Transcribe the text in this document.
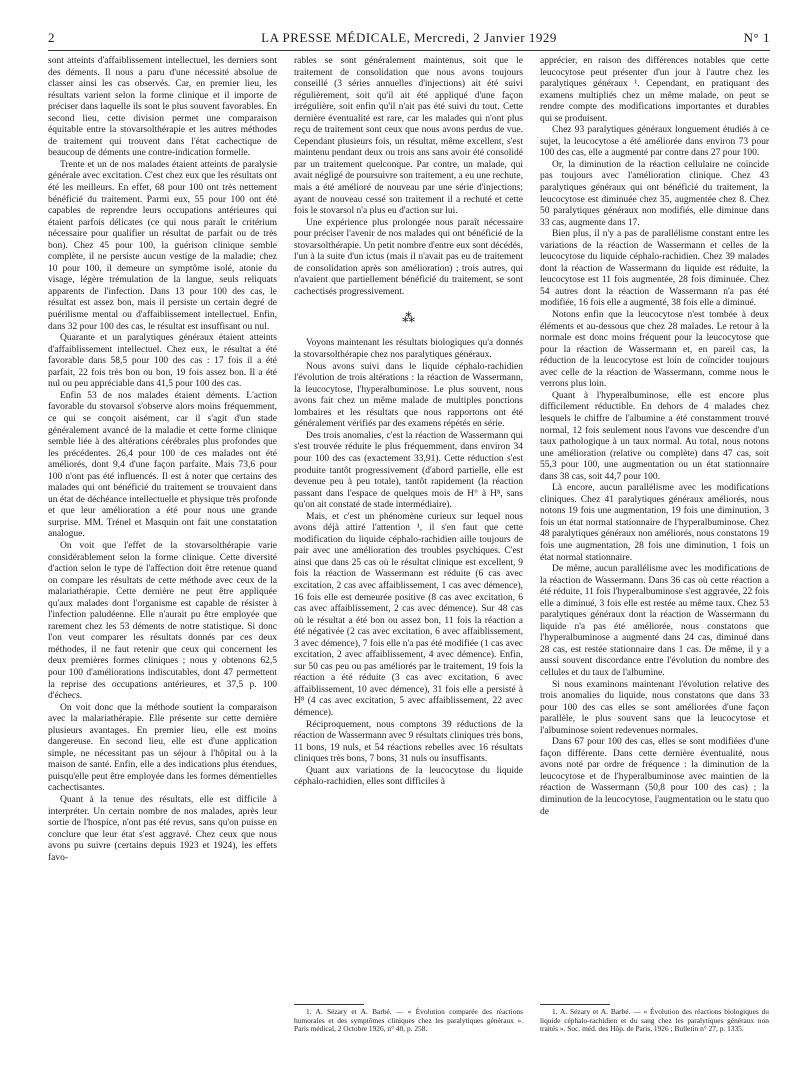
2	LA PRESSE MÉDICALE, Mercredi, 2 Janvier 1929	N° 1

sont atteints d'affaiblissement intellectuel, les derniers sont des déments. Il nous a paru d'une nécessité absolue de classer ainsi les cas observés. Car, en premier lieu, les résultats varient selon la forme clinique et il importe de préciser dans laquelle ils sont le plus souvent favorables. En second lieu, cette division permet une comparaison équitable entre la stovarsolthérapie et les autres méthodes de traitement qui trouvent dans l'état cachectique de beaucoup de déments une contre-indication formelle.

Trente et un de nos malades étaient atteints de paralysie générale avec excitation. C'est chez eux que les résultats ont été les meilleurs. En effet, 68 pour 100 ont très nettement bénéficié du traitement. Parmi eux, 55 pour 100 ont été capables de reprendre leurs occupations antérieures qui étaient parfois délicates (ce qui nous paraît le critérium nécessaire pour qualifier un résultat de parfait ou de très bon). Chez 45 pour 100, la guérison clinique semble complète, il ne persiste aucun vestige de la maladie; chez 10 pour 100, il demeure un symptôme isolé, atonie du visage, légère trémulation de la langue, seuls reliquats apparents de l'infection. Dans 13 pour 100 des cas, le résultat est assez bon, mais il persiste un certain degré de puérilisme mental ou d'affaiblissement intellectuel. Enfin, dans 32 pour 100 des cas, le résultat est insuffisant ou nul.

Quarante et un paralytiques généraux étaient atteints d'affaiblissement intellectuel. Chez eux, le résultat a été favorable dans 58,5 pour 100 des cas : 17 fois il a été parfait, 22 fois très bon ou bon, 19 fois assez bon. Il a été nul ou peu appréciable dans 41,5 pour 100 des cas.

Enfin 53 de nos malades étaient déments. L'action favorable du stovarsol s'observe alors moins fréquemment, ce qui se conçoit aisément, car il s'agit d'un stade généralement avancé de la maladie et cette forme clinique semble liée à des altérations cérébrales plus profondes que les précédentes. 26,4 pour 100 de ces malades ont été améliorés, dont 9,4 d'une façon parfaite. Mais 73,6 pour 100 n'ont pas été influencés. Il est à noter que certains des malades qui ont bénéficié du traitement se trouvaient dans un état de déchéance intellectuelle et physique très profonde et que leur amélioration a été pour nous une grande surprise. MM. Trénel et Masquin ont fait une constatation analogue.

On voit que l'effet de la stovarsolthérapie varie considérablement selon la forme clinique. Cette diversité d'action selon le type de l'affection doit être retenue quand on compare les résultats de cette méthode avec ceux de la malariathérapie. Cette dernière ne peut être appliquée qu'aux malades dont l'organisme est capable de résister à l'infection paludéenne. Elle n'aurait pu être employée que rarement chez les 53 déments de notre statistique. Si donc l'on veut comparer les résultats donnés par ces deux méthodes, il ne faut retenir que ceux qui concernent les deux premières formes cliniques ; nous y obtenons 62,5 pour 100 d'améliorations indiscutables, dont 47 permettent la reprise des occupations antérieures, et 37,5 p. 100 d'échecs.

On voit donc que la méthode soutient la comparaison avec la malariathérapie. Elle présente sur cette dernière plusieurs avantages. En premier lieu, elle est moins dangereuse. En second lieu, elle est d'une application simple, ne nécessitant pas un séjour à l'hôpital ou à la maison de santé. Enfin, elle a des indications plus étendues, puisqu'elle peut être employée dans les formes démentielles cachectisantes.

Quant à la tenue des résultats, elle est difficile à interpréter. Un certain nombre de nos malades, après leur sortie de l'hospice, n'ont pas été revus, sans qu'on puisse en conclure que leur état s'est aggravé. Chez ceux que nous avons pu suivre (certains depuis 1923 et 1924), les effets favo-

rables se sont généralement maintenus, soit que le traitement de consolidation que nous avons toujours conseillé (3 séries annuelles d'injections) ait été suivi régulièrement, soit qu'il ait été appliqué d'une façon irrégulière, soit enfin qu'il n'ait pas été suivi du tout. Cette dernière éventualité est rare, car les malades qui n'ont plus reçu de traitement sont ceux que nous avons perdus de vue. Cependant plusieurs fois, un résultat, même excellent, s'est maintenu pendant deux ou trois ans sans avoir été consolidé par un traitement quelconque. Par contre, un malade, qui avait négligé de poursuivre son traitement, a eu une rechute, mais a été amélioré de nouveau par une série d'injections; ayant de nouveau cessé son traitement il a rechuté et cette fois le stovarsol n'a plus eu d'action sur lui.

Une expérience plus prolongée nous paraît nécessaire pour préciser l'avenir de nos malades qui ont bénéficié de la stovarsolthérapie. Un petit nombre d'entre eux sont décédés, l'un à la suite d'un ictus (mais il n'avait pas eu de traitement de consolidation après son amélioration) ; trois autres, qui n'avaient que partiellement bénéficié du traitement, se sont cachectisés progressivement.

⁂

Voyons maintenant les résultats biologiques qu'a donnés la stovarsolthérapie chez nos paralytiques généraux.

Nous avons suivi dans le liquide céphalo-rachidien l'évolution de trois altérations : la réaction de Wassermann, la leucocytose, l'hyperalbuminose. Le plus souvent, nous avons fait chez un même malade de multiples ponctions lombaires et les résultats que nous rapportons ont été généralement vérifiés par des examens répétés en série.

Des trois anomalies, c'est la réaction de Wassermann qui s'est trouvée réduite le plus fréquemment, dans environ 34 pour 100 des cas (exactement 33,91). Cette réduction s'est produite tantôt progressivement (d'abord partielle, elle est devenue peu à peu totale), tantôt rapidement (la réaction passant dans l'espace de quelques mois de H° à H⁸, sans qu'on ait constaté de stade intermédiaire).

Mais, et c'est un phénomène curieux sur lequel nous avons déjà attiré l'attention ¹, il s'en faut que cette modification du liquide céphalo-rachidien aille toujours de pair avec une amélioration des troubles psychiques. C'est ainsi que dans 25 cas où le résultat clinique est excellent, 9 fois la réaction de Wassermann est réduite (6 cas avec excitation, 2 cas avec affaiblissement, 1 cas avec démence), 16 fois elle est demeurée positive (8 cas avec excitation, 6 cas avec affaiblissement, 2 cas avec démence). Sur 48 cas où le résultat a été bon ou assez bon, 11 fois la réaction a été négativée (2 cas avec excitation, 6 avec affaiblissement, 3 avec démence), 7 fois elle n'a pas été modifiée (1 cas avec excitation, 2 avec affaiblissement, 4 avec démence). Enfin, sur 50 cas peu ou pas améliorés par le traitement, 19 fois la réaction a été réduite (3 cas avec excitation, 6 avec affaiblissement, 10 avec démence), 31 fois elle a persisté à H⁸ (4 cas avec excitation, 5 avec affaiblissement, 22 avec démence).

Réciproquement, nous comptons 39 réductions de la réaction de Wassermann avec 9 résultats cliniques très bons, 11 bons, 19 nuls, et 54 réactions rebelles avec 16 résultats cliniques très bons, 7 bons, 31 nuls ou insuffisants.

Quant aux variations de la leucocytose du liquide céphalo-rachidien, elles sont difficiles à

1. A. Sézary et A. Barbé. — « Évolution comparée des réactions humorales et des symptômes cliniques chez les paralytiques généraux ». Paris médical, 2 Octobre 1926, n° 40, p. 258.

apprécier, en raison des différences notables que cette leucocytose peut présenter d'un jour à l'autre chez les paralytiques généraux ¹. Cependant, en pratiquant des examens multipliés chez un même malade, on peut se rendre compte des modifications importantes et durables qui se produisent.

Chez 93 paralytiques généraux longuement étudiés à ce sujet, la leucocytose a été améliorée dans environ 73 pour 100 des cas, elle a augmenté par contre dans 27 pour 100.

Or, la diminution de la réaction cellulaire ne coïncide pas toujours avec l'amélioration clinique. Chez 43 paralytiques généraux qui ont bénéficié du traitement, la leucocytose est diminuée chez 35, augmentée chez 8. Chez 50 paralytiques généraux non modifiés, elle diminue dans 33 cas, augmente dans 17.

Bien plus, il n'y a pas de parallélisme constant entre les variations de la réaction de Wassermann et celles de la leucocytose du liquide céphalo-rachidien. Chez 39 malades dont la réaction de Wassermann du liquide est réduite, la leucocytose est 11 fois augmentée, 28 fois diminuée. Chez 54 autres dont la réaction de Wassermann n'a pas été modifiée, 16 fois elle a augmenté, 38 fois elle a diminué.

Notons enfin que la leucocytose n'est tombée à deux éléments et au-dessous que chez 28 malades. Le retour à la normale est donc moins fréquent pour la leucocytose que pour la réaction de Wassermann et, en pareil cas, la réduction de la leucocytose est loin de coïncider toujours avec celle de la réaction de Wassermann, comme nous le verrons plus loin.

Quant à l'hyperalbuminose, elle est encore plus difficilement réductible. En dehors de 4 malades chez lesquels le chiffre de l'albumine a été constamment trouvé normal, 12 fois seulement nous l'avons vue descendre d'un taux pathologique à un taux normal. Au total, nous notons une amélioration (relative ou complète) dans 47 cas, soit 55,3 pour 100, une augmentation ou un état stationnaire dans 38 cas, soit 44,7 pour 100.

Là encore, aucun parallélisme avec les modifications cliniques. Chez 41 paralytiques généraux améliorés, nous notons 19 fois une augmentation, 19 fois une diminution, 3 fois un état normal stationnaire de l'hyperalbuminose. Chez 48 paralytiques généraux non améliorés, nous constatons 19 fois une augmentation, 28 fois une diminution, 1 fois un état normal stationnaire.

De même, aucun parallélisme avec les modifications de la réaction de Wassermann. Dans 36 cas où cette réaction a été réduite, 11 fois l'hyperalbuminose s'est aggravée, 22 fois elle a diminué, 3 fois elle est restée au même taux. Chez 53 paralytiques généraux dont la réaction de Wassermann du liquide n'a pas été améliorée, nous constatons que l'hyperalbuminose a augmenté dans 24 cas, diminué dans 28 cas, est restée stationnaire dans 1 cas. De même, il y a aussi souvent discordance entre l'évolution du nombre des cellules et du taux de l'albumine.

Si nous examinons maintenant l'évolution relative des trois anomalies du liquide, nous constatons que dans 33 pour 100 des cas elles se sont améliorées d'une façon parallèle, le plus souvent sans que la leucocytose et l'albuminose soient redevenues normales.

Dans 67 pour 100 des cas, elles se sont modifiées d'une façon différente. Dans cette dernière éventualité, nous avons noté par ordre de fréquence : la diminution de la leucocytose et de l'hyperalbuminose avec maintien de la réaction de Wassermann (50,8 pour 100 des cas) ; la diminution de la leucocytose, l'augmentation ou le statu quo de

1. A. Sézary et A. Barbé. — « Évolution des réactions biologiques du liquide céphalo-rachidien et du sang chez les paralytiques généraux non traités ». Soc. méd. des Hôp. de Paris, 1926 ; Bulletin n° 27, p. 1335.
